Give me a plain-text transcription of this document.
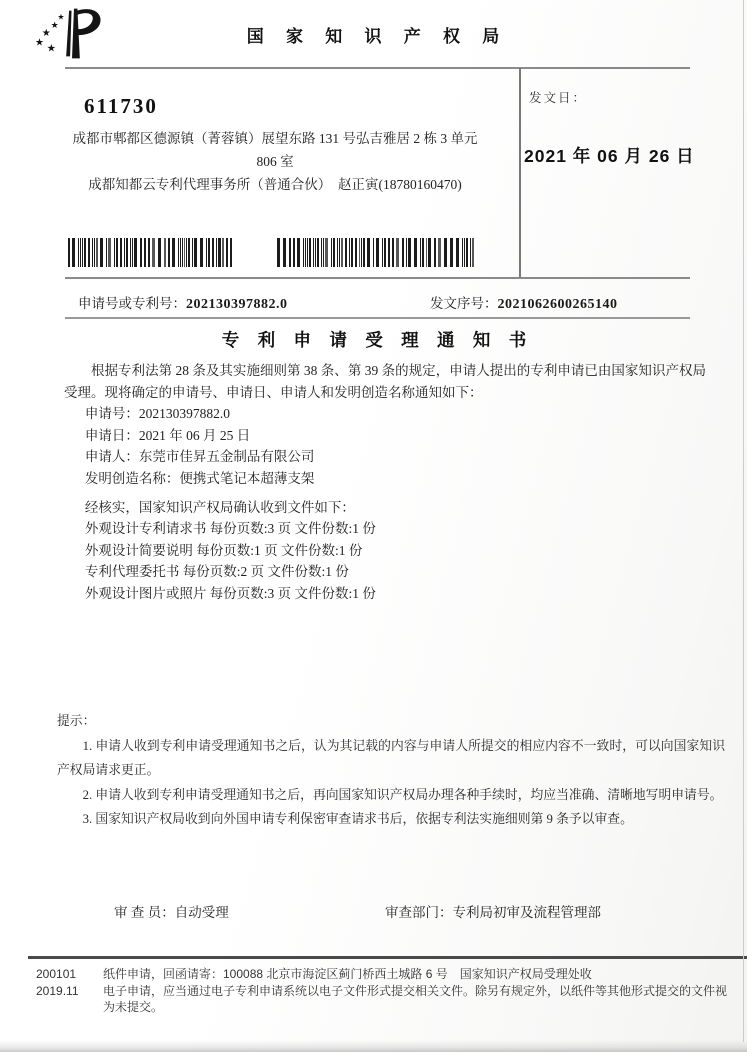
★
★
★
★ ★
国 家 知 识 产 权 局
发文日：
2021 年 06 月 26 日
611730
成都市郫都区德源镇（菁蓉镇）展望东路 131 号弘吉雅居 2 栋 3 单元
806 室
成都知都云专利代理事务所（普通合伙）　赵正寅(18780160470)
申请号或专利号：202130397882.0	发文序号：2021062600265140
专 利 申 请 受 理 通 知 书

根据专利法第 28 条及其实施细则第 38 条、第 39 条的规定，申请人提出的专利申请已由国家知识产权局受理。现将确定的申请号、申请日、申请人和发明创造名称通知如下：

申请号：202130397882.0
申请日：2021 年 06 月 25 日
申请人：东莞市佳昇五金制品有限公司
发明创造名称：便携式笔记本超薄支架
经核实，国家知识产权局确认收到文件如下：
外观设计专利请求书 每份页数:3 页 文件份数:1 份
外观设计简要说明 每份页数:1 页 文件份数:1 份
专利代理委托书 每份页数:2 页 文件份数:1 份
外观设计图片或照片 每份页数:3 页 文件份数:1 份
提示：
1. 申请人收到专利申请受理通知书之后，认为其记载的内容与申请人所提交的相应内容不一致时，可以向国家知识产权局请求更正。
2. 申请人收到专利申请受理通知书之后，再向国家知识产权局办理各种手续时，均应当准确、清晰地写明申请号。
3. 国家知识产权局收到向外国申请专利保密审查请求书后，依据专利法实施细则第 9 条予以审查。
审 查 员：自动受理	审查部门：专利局初审及流程管理部
200101
2019.11
纸件申请，回函请寄：100088 北京市海淀区蓟门桥西土城路 6 号　国家知识产权局受理处收
电子申请，应当通过电子专利申请系统以电子文件形式提交相关文件。除另有规定外，以纸件等其他形式提交的文件视为未提交。
